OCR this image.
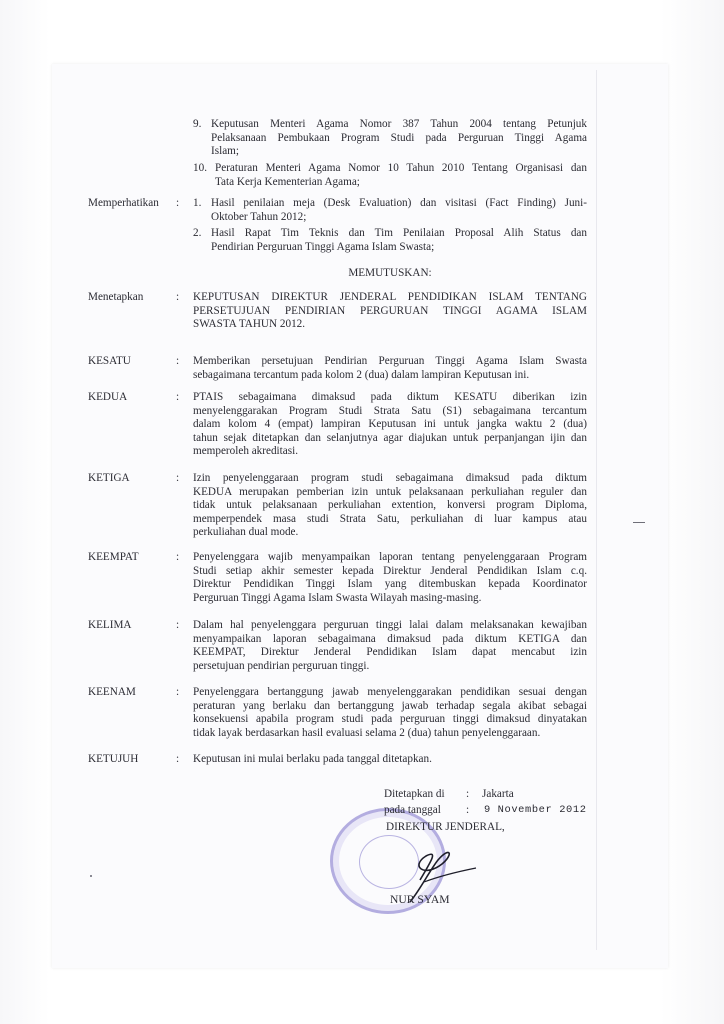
9. Keputusan Menteri Agama Nomor 387 Tahun 2004 tentang Petunjuk
Pelaksanaan Pembukaan Program Studi pada Perguruan Tinggi Agama
Islam;
10. Peraturan Menteri Agama Nomor 10 Tahun 2010 Tentang Organisasi dan
Tata Kerja Kementerian Agama;
Memperhatikan : 1. Hasil penilaian meja (Desk Evaluation) dan visitasi (Fact Finding) Juni-
Oktober Tahun 2012;
2. Hasil Rapat Tim Teknis dan Tim Penilaian Proposal Alih Status dan
Pendirian Perguruan Tinggi Agama Islam Swasta;
MEMUTUSKAN:
Menetapkan	: KEPUTUSAN DIREKTUR JENDERAL PENDIDIKAN ISLAM TENTANG
PERSETUJUAN PENDIRIAN PERGURUAN TINGGI AGAMA ISLAM
SWASTA TAHUN 2012.
KESATU	: Memberikan persetujuan Pendirian Perguruan Tinggi Agama Islam Swasta
sebagaimana tercantum pada kolom 2 (dua) dalam lampiran Keputusan ini.
KEDUA	: PTAIS sebagaimana dimaksud pada diktum KESATU diberikan izin
menyelenggarakan Program Studi Strata Satu (S1) sebagaimana tercantum
dalam kolom 4 (empat) lampiran Keputusan ini untuk jangka waktu 2 (dua)
tahun sejak ditetapkan dan selanjutnya agar diajukan untuk perpanjangan ijin dan
memperoleh akreditasi.
KETIGA	: Izin penyelenggaraan program studi sebagaimana dimaksud pada diktum
KEDUA merupakan pemberian izin untuk pelaksanaan perkuliahan reguler dan
tidak untuk pelaksanaan perkuliahan extention, konversi program Diploma,
memperpendek masa studi Strata Satu, perkuliahan di luar kampus atau
perkuliahan dual mode.
KEEMPAT	: Penyelenggara wajib menyampaikan laporan tentang penyelenggaraan Program
Studi setiap akhir semester kepada Direktur Jenderal Pendidikan Islam c.q.
Direktur Pendidikan Tinggi Islam yang ditembuskan kepada Koordinator
Perguruan Tinggi Agama Islam Swasta Wilayah masing-masing.
KELIMA	: Dalam hal penyelenggara perguruan tinggi lalai dalam melaksanakan kewajiban
menyampaikan laporan sebagaimana dimaksud pada diktum KETIGA dan
KEEMPAT, Direktur Jenderal Pendidikan Islam dapat mencabut izin
persetujuan pendirian perguruan tinggi.
KEENAM	: Penyelenggara bertanggung jawab menyelenggarakan pendidikan sesuai dengan
peraturan yang berlaku dan bertanggung jawab terhadap segala akibat sebagai
konsekuensi apabila program studi pada perguruan tinggi dimaksud dinyatakan
tidak layak berdasarkan hasil evaluasi selama 2 (dua) tahun penyelenggaraan.
KETUJUH	: Keputusan ini mulai berlaku pada tanggal ditetapkan.
Ditetapkan di : Jakarta
pada tanggal : 9 November 2012
DIREKTUR JENDERAL,
NUR SYAM
